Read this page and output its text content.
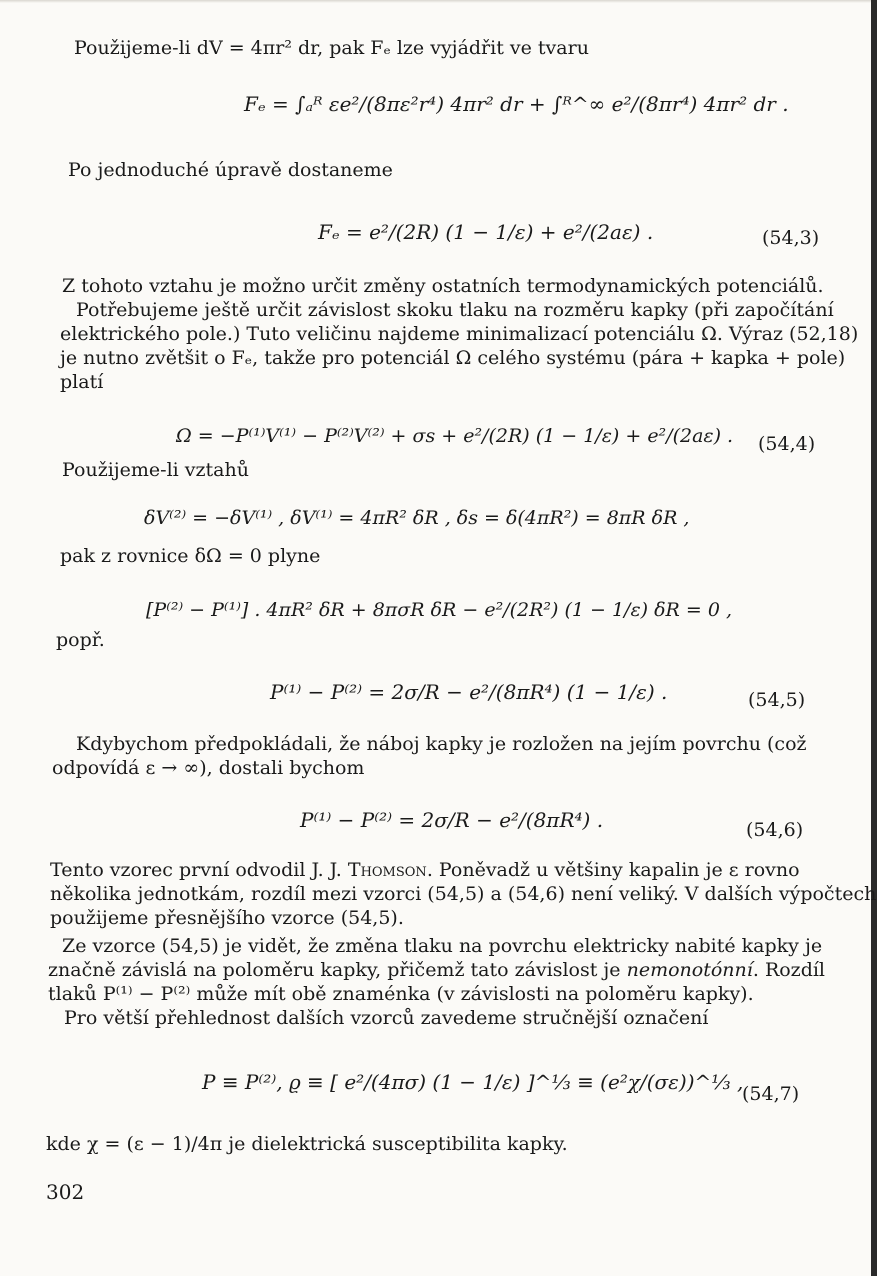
Použijeme-li dV = 4πr² dr, pak Fₑ lze vyjádřit ve tvaru
Fₑ = ∫ₐᴿ εe²/(8πε²r⁴) 4πr² dr + ∫ᴿ^∞ e²/(8πr⁴) 4πr² dr .
Po jednoduché úpravě dostaneme
Fₑ = e²/(2R) (1 − 1/ε) + e²/(2aε) .	(54,3)
Z tohoto vztahu je možno určit změny ostatních termodynamických potenciálů.
Potřebujeme ještě určit závislost skoku tlaku na rozměru kapky (při započítání
elektrického pole.) Tuto veličinu najdeme minimalizací potenciálu Ω. Výraz (52,18)
je nutno zvětšit o Fₑ, takže pro potenciál Ω celého systému (pára + kapka + pole)
platí
Ω = −P⁽¹⁾V⁽¹⁾ − P⁽²⁾V⁽²⁾ + σs + e²/(2R) (1 − 1/ε) + e²/(2aε) . (54,4)
Použijeme-li vztahů
δV⁽²⁾ = −δV⁽¹⁾ , δV⁽¹⁾ = 4πR² δR , δs = δ(4πR²) = 8πR δR ,
pak z rovnice δΩ = 0 plyne
[P⁽²⁾ − P⁽¹⁾] . 4πR² δR + 8πσR δR − e²/(2R²) (1 − 1/ε) δR = 0 ,
popř.
P⁽¹⁾ − P⁽²⁾ = 2σ/R − e²/(8πR⁴) (1 − 1/ε) .	(54,5)
Kdybychom předpokládali, že náboj kapky je rozložen na jejím povrchu (což
odpovídá ε → ∞), dostali bychom
P⁽¹⁾ − P⁽²⁾ = 2σ/R − e²/(8πR⁴) .	(54,6)
Tento vzorec první odvodil J. J. Thomson. Poněvadž u většiny kapalin je ε rovno
několika jednotkám, rozdíl mezi vzorci (54,5) a (54,6) není veliký. V dalších výpočtech
použijeme přesnějšího vzorce (54,5).
Ze vzorce (54,5) je vidět, že změna tlaku na povrchu elektricky nabité kapky je
značně závislá na poloměru kapky, přičemž tato závislost je nemonotónní. Rozdíl
tlaků P⁽¹⁾ − P⁽²⁾ může mít obě znaménka (v závislosti na poloměru kapky).
Pro větší přehlednost dalších vzorců zavedeme stručnější označení
P ≡ P⁽²⁾, ϱ ≡ [ e²/(4πσ) (1 − 1/ε) ]^⅓ ≡ (e²χ/(σε))^⅓ ,
(54,7)
kde χ = (ε − 1)/4π je dielektrická susceptibilita kapky.
302
